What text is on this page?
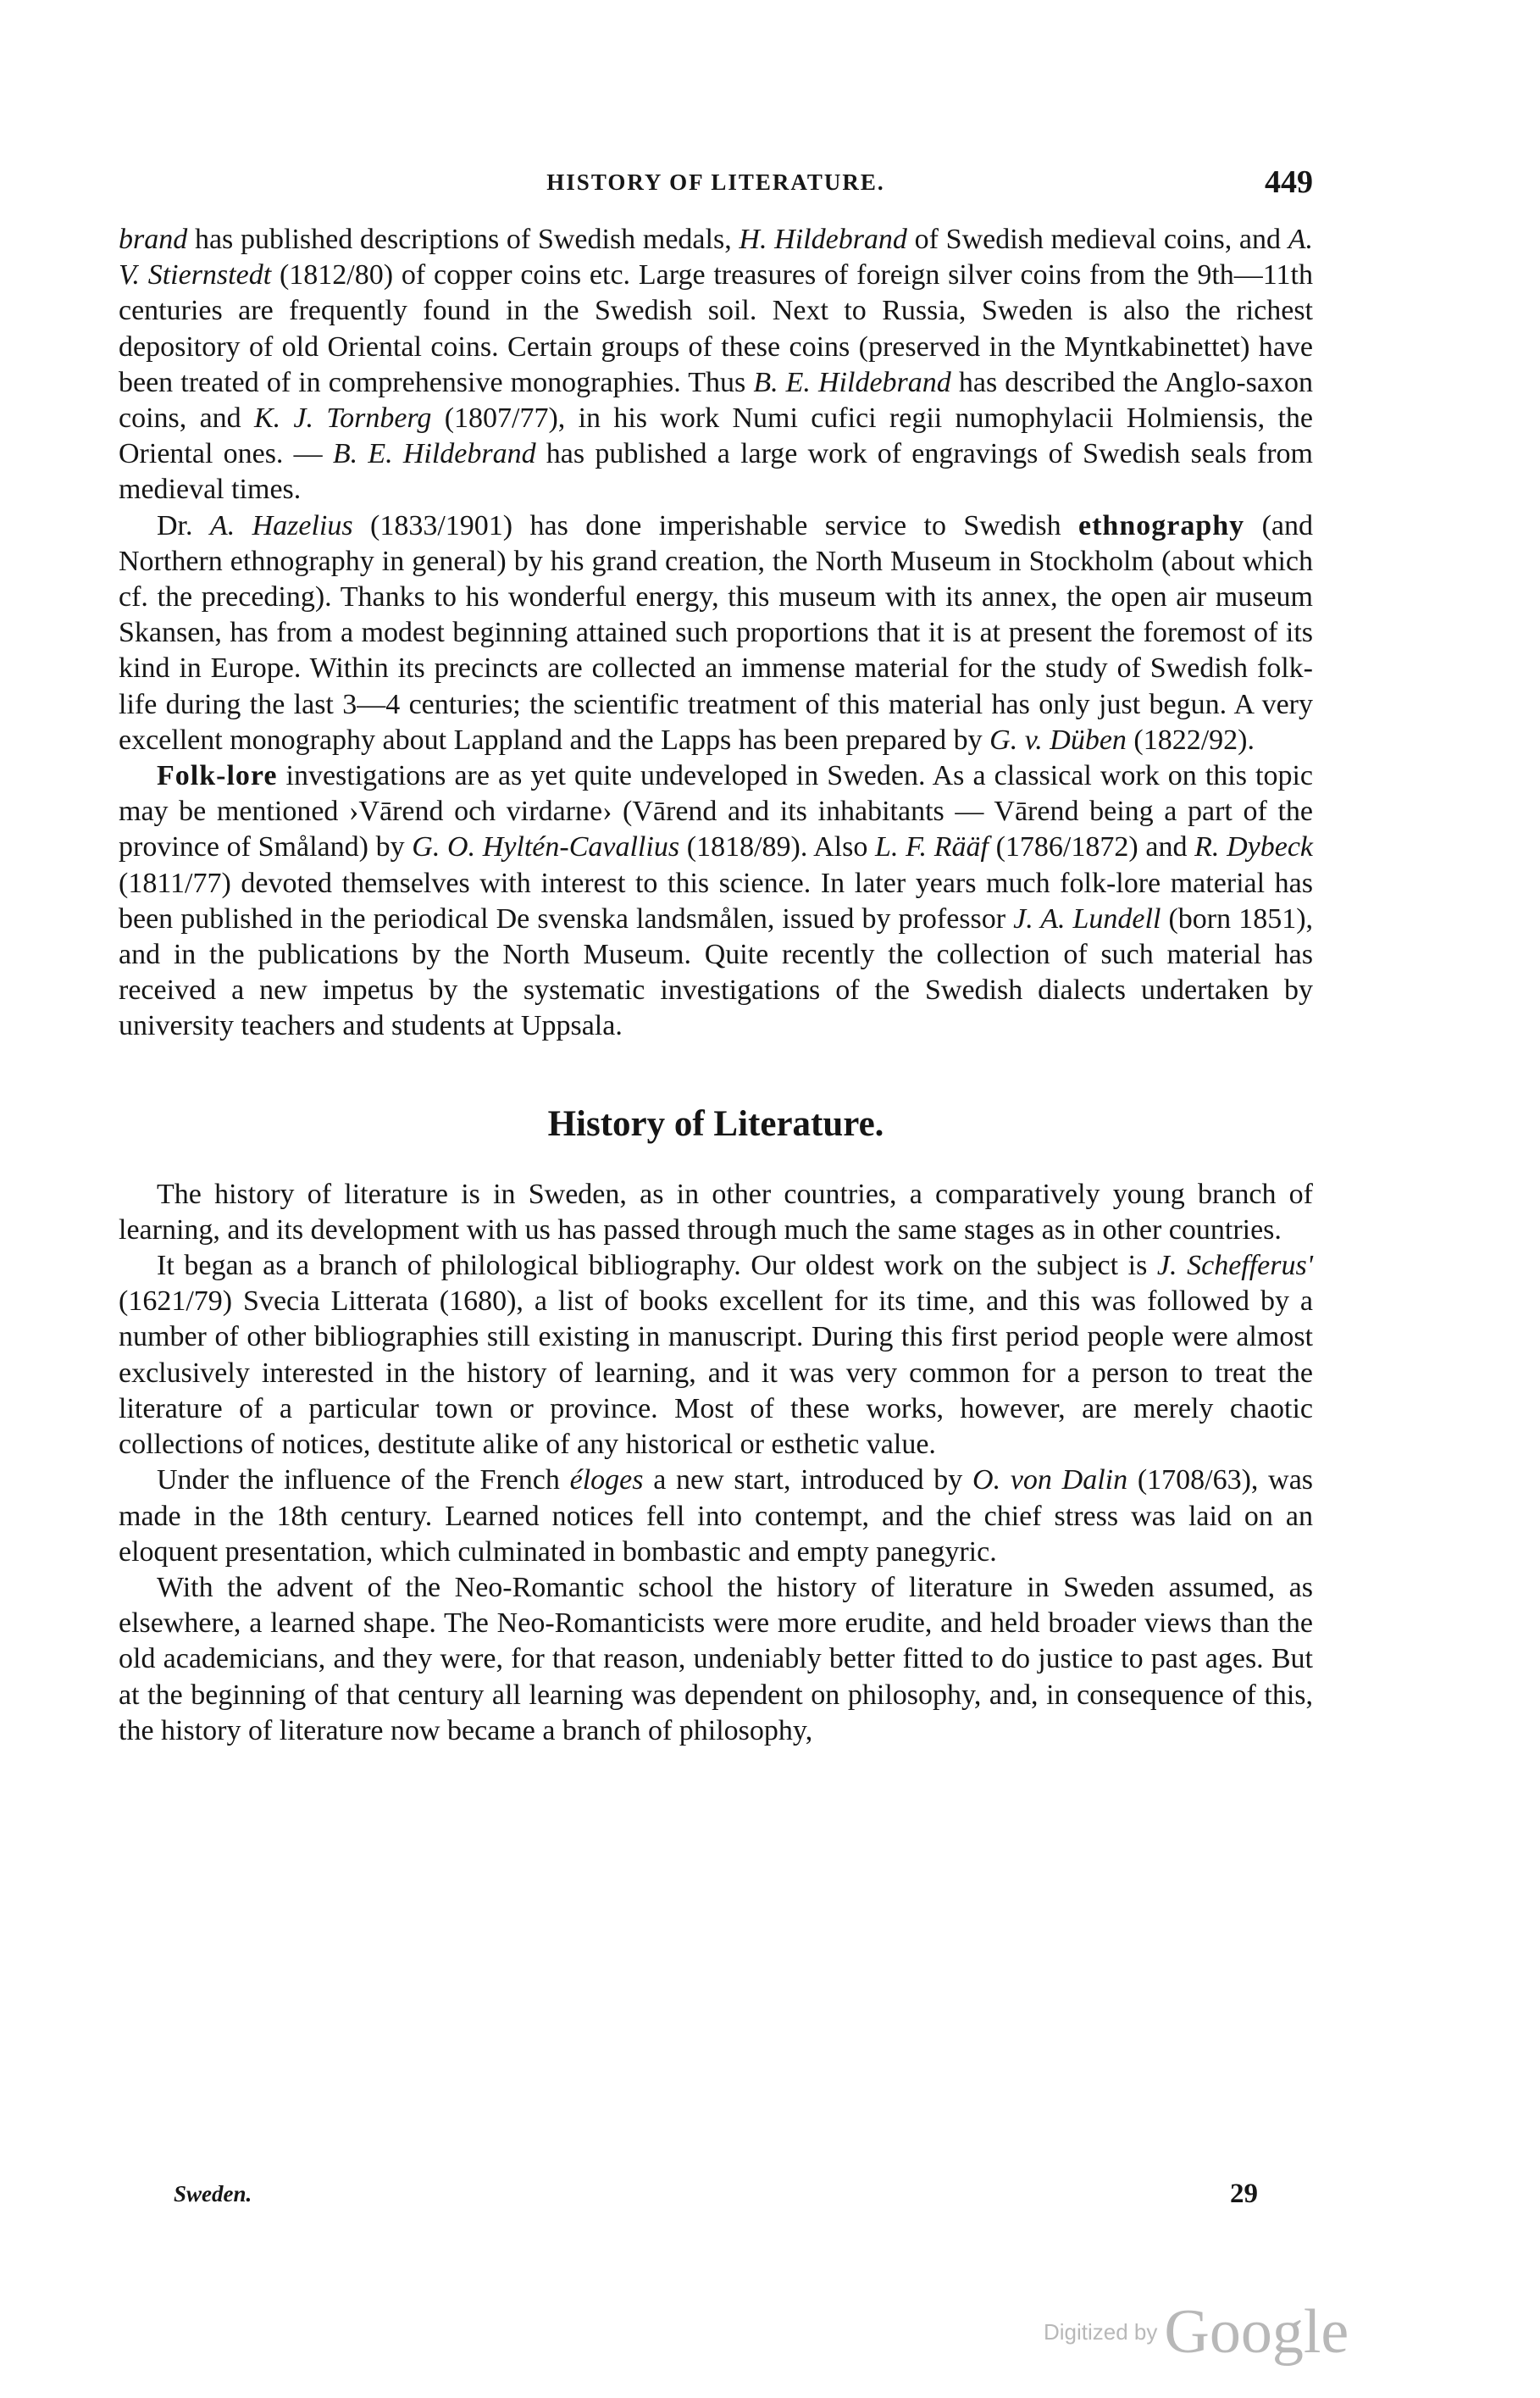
HISTORY OF LITERATURE.	449

brand has published descriptions of Swedish medals, H. Hildebrand of Swedish medieval coins, and A. V. Stiernstedt (1812/80) of copper coins etc. Large treasures of foreign silver coins from the 9th—11th centuries are frequently found in the Swedish soil. Next to Russia, Sweden is also the richest depository of old Oriental coins. Certain groups of these coins (preserved in the Myntkabinettet) have been treated of in comprehensive monographies. Thus B. E. Hildebrand has described the Anglo-saxon coins, and K. J. Tornberg (1807/77), in his work Numi cufici regii numophylacii Holmiensis, the Oriental ones. — B. E. Hildebrand has published a large work of engravings of Swedish seals from medieval times.

Dr. A. Hazelius (1833/1901) has done imperishable service to Swedish ethnography (and Northern ethnography in general) by his grand creation, the North Museum in Stockholm (about which cf. the preceding). Thanks to his wonderful energy, this museum with its annex, the open air museum Skansen, has from a modest beginning attained such proportions that it is at present the foremost of its kind in Europe. Within its precincts are collected an immense material for the study of Swedish folk-life during the last 3—4 centuries; the scientific treatment of this material has only just begun. A very excellent monography about Lappland and the Lapps has been prepared by G. v. Düben (1822/92).

Folk-lore investigations are as yet quite undeveloped in Sweden. As a classical work on this topic may be mentioned ›Vārend och virdarne› (Vārend and its inhabitants — Vārend being a part of the province of Småland) by G. O. Hyltén-Cavallius (1818/89). Also L. F. Rääf (1786/1872) and R. Dybeck (1811/77) devoted themselves with interest to this science. In later years much folk-lore material has been published in the periodical De svenska landsmålen, issued by professor J. A. Lundell (born 1851), and in the publications by the North Museum. Quite recently the collection of such material has received a new impetus by the systematic investigations of the Swedish dialects undertaken by university teachers and students at Uppsala.

History of Literature.

The history of literature is in Sweden, as in other countries, a comparatively young branch of learning, and its development with us has passed through much the same stages as in other countries.

It began as a branch of philological bibliography. Our oldest work on the subject is J. Schefferus' (1621/79) Svecia Litterata (1680), a list of books excellent for its time, and this was followed by a number of other bibliographies still existing in manuscript. During this first period people were almost exclusively interested in the history of learning, and it was very common for a person to treat the literature of a particular town or province. Most of these works, however, are merely chaotic collections of notices, destitute alike of any historical or esthetic value.

Under the influence of the French éloges a new start, introduced by O. von Dalin (1708/63), was made in the 18th century. Learned notices fell into contempt, and the chief stress was laid on an eloquent presentation, which culminated in bombastic and empty panegyric.

With the advent of the Neo-Romantic school the history of literature in Sweden assumed, as elsewhere, a learned shape. The Neo-Romanticists were more erudite, and held broader views than the old academicians, and they were, for that reason, undeniably better fitted to do justice to past ages. But at the beginning of that century all learning was dependent on philosophy, and, in consequence of this, the history of literature now became a branch of philosophy,

Sweden.	29
Digitized by Google
